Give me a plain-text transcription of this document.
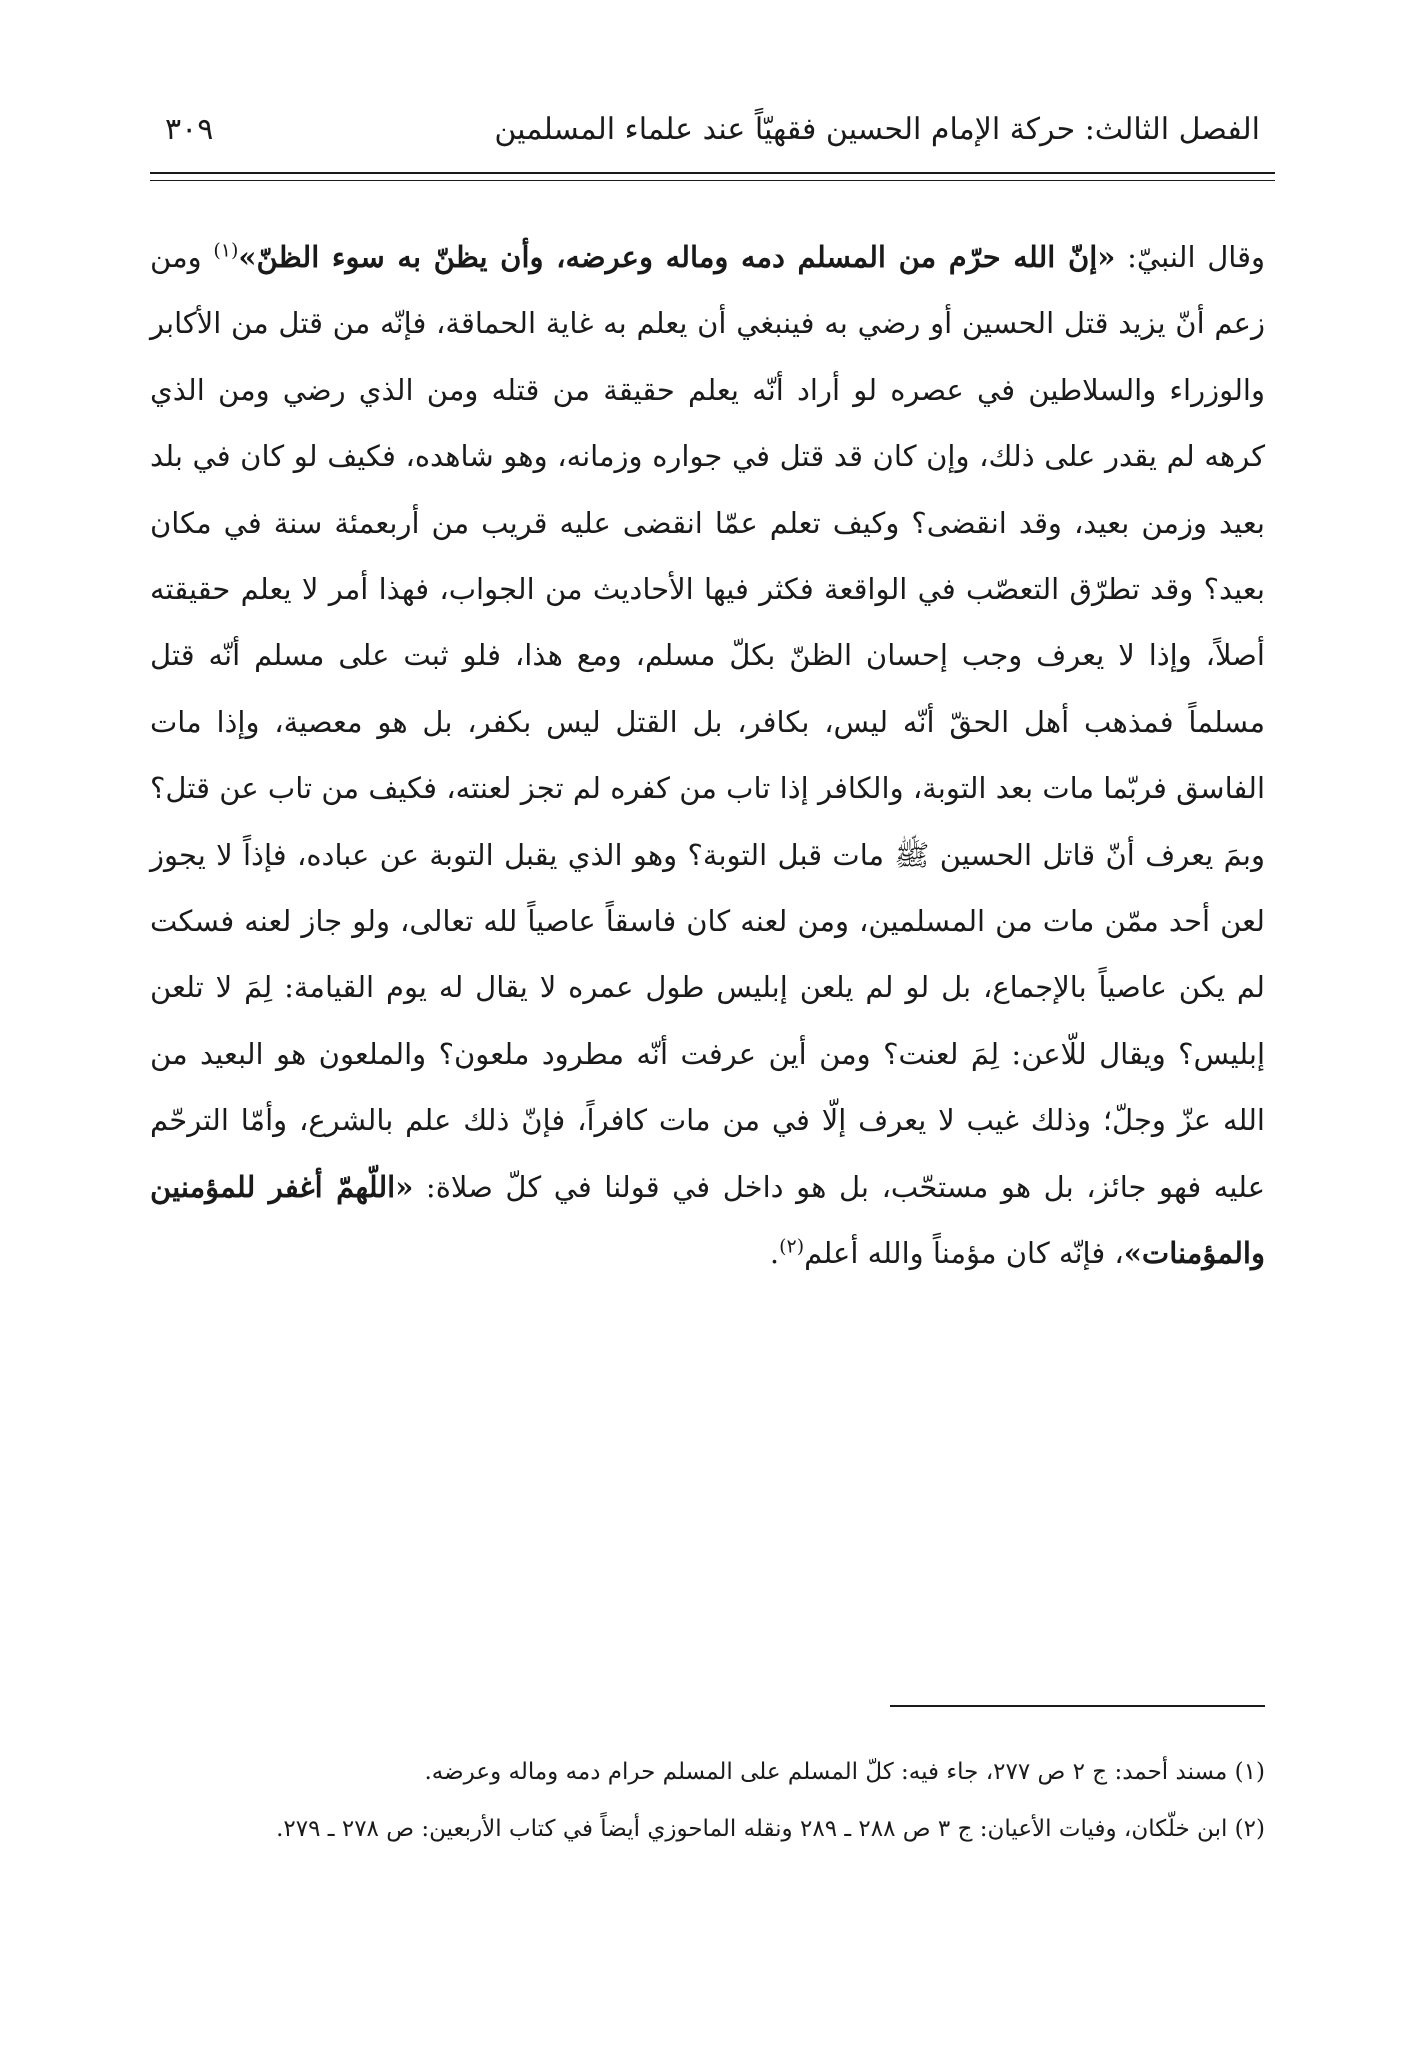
الفصل الثالث: حركة الإمام الحسين فقهيّاً عند علماء المسلمين
٣٠٩

وقال النبيّ: «إنّ الله حرّم من المسلم دمه وماله وعرضه، وأن يظنّ به سوء الظنّ»$^{(١)}$ ومن زعم أنّ يزيد قتل الحسين أو رضي به فينبغي أن يعلم به غاية الحماقة، فإنّه من قتل من الأكابر والوزراء والسلاطين في عصره لو أراد أنّه يعلم حقيقة من قتله ومن الذي رضي ومن الذي كرهه لم يقدر على ذلك، وإن كان قد قتل في جواره وزمانه، وهو شاهده، فكيف لو كان في بلد بعيد وزمن بعيد، وقد انقضى؟ وكيف تعلم عمّا انقضى عليه قريب من أربعمئة سنة في مكان بعيد؟ وقد تطرّق التعصّب في الواقعة فكثر فيها الأحاديث من الجواب، فهذا أمر لا يعلم حقيقته أصلاً، وإذا لا يعرف وجب إحسان الظنّ بكلّ مسلم، ومع هذا، فلو ثبت على مسلم أنّه قتل مسلماً فمذهب أهل الحقّ أنّه ليس، بكافر، بل القتل ليس بكفر، بل هو معصية، وإذا مات الفاسق فربّما مات بعد التوبة، والكافر إذا تاب من كفره لم تجز لعنته، فكيف من تاب عن قتل؟ وبمَ يعرف أنّ قاتل الحسين ﷺ مات قبل التوبة؟ وهو الذي يقبل التوبة عن عباده، فإذاً لا يجوز لعن أحد ممّن مات من المسلمين، ومن لعنه كان فاسقاً عاصياً لله تعالى، ولو جاز لعنه فسكت لم يكن عاصياً بالإجماع، بل لو لم يلعن إبليس طول عمره لا يقال له يوم القيامة: لِمَ لا تلعن إبليس؟ ويقال للّاعن: لِمَ لعنت؟ ومن أين عرفت أنّه مطرود ملعون؟ والملعون هو البعيد من الله عزّ وجلّ؛ وذلك غيب لا يعرف إلّا في من مات كافراً، فإنّ ذلك علم بالشرع، وأمّا الترحّم عليه فهو جائز، بل هو مستحّب، بل هو داخل في قولنا في كلّ صلاة: «اللّهمّ أغفر للمؤمنين والمؤمنات»، فإنّه كان مؤمناً والله أعلم$^{(٢)}$.

(١) مسند أحمد: ج ٢ ص ٢٧٧، جاء فيه: كلّ المسلم على المسلم حرام دمه وماله وعرضه.

(٢) ابن خلّكان، وفيات الأعيان: ج ٣ ص ٢٨٨ ـ ٢٨٩ ونقله الماحوزي أيضاً في كتاب الأربعين: ص ٢٧٨ ـ ٢٧٩.
